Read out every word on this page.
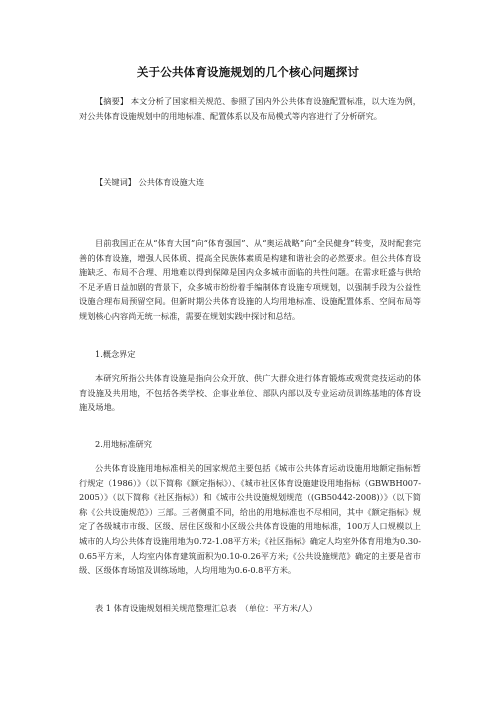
关于公共体育设施规划的几个核心问题探讨

【摘要】 本文分析了国家相关规范、参照了国内外公共体育设施配置标准，以大连为例，对公共体育设施规划中的用地标准、配置体系以及布局模式等内容进行了分析研究。

【关键词】 公共体育设施大连

目前我国正在从“体育大国”向“体育强国”、从“奥运战略”向“全民健身”转变，及时配套完善的体育设施，增强人民体质、提高全民族体素质是构建和谐社会的必然要求。但公共体育设施缺乏、布局不合理、用地难以得到保障是国内众多城市面临的共性问题。在需求旺盛与供给不足矛盾日益加剧的背景下，众多城市纷纷着手编制体育设施专项规划，以强制手段为公益性设施合理布局预留空间。但新时期公共体育设施的人均用地标准、设施配置体系、空间布局等规划核心内容尚无统一标准，需要在规划实践中探讨和总结。

1.概念界定

本研究所指公共体育设施是指向公众开放、供广大群众进行体育锻炼或观赏竞技运动的体育设施及共用地，不包括各类学校、企事业单位、部队内部以及专业运动员训练基地的体育设施及场地。

2.用地标准研究

公共体育设施用地标准相关的国家规范主要包括《城市公共体育运动设施用地额定指标暂行规定（1986）》（以下简称《额定指标》）、《城市社区体育设施建设用地指标（GBWBH007-2005）》（以下简称《社区指标》）和《城市公共设施规划规范（(GB50442-2008)）》（以下简称《公共设施规范》）三部。三者侧重不同，给出的用地标准也不尽相同，其中《额定指标》规定了各级城市市级、区级、居住区级和小区级公共体育设施的用地标准，100万人口规模以上城市的人均公共体育设施用地为0.72-1.08平方米;《社区指标》确定人均室外体育用地为0.30-0.65平方米，人均室内体育建筑面积为0.10-0.26平方米;《公共设施规范》确定的主要是省市级、区级体育场馆及训练场地，人均用地为0.6-0.8平方米。

表 1 体育设施规划相关规范整理汇总表　（单位：平方米/人）
